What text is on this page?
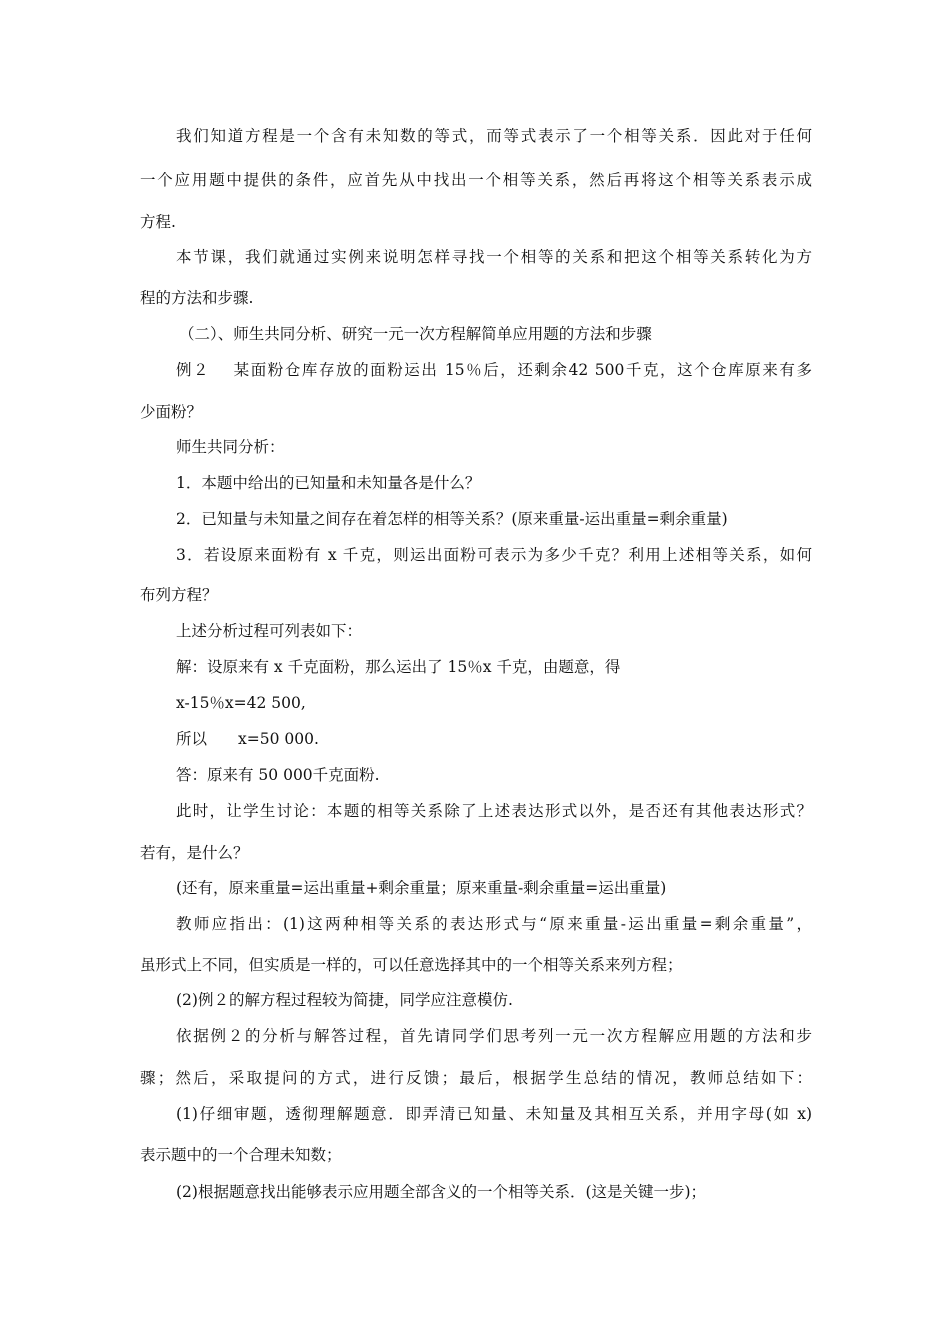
我们知道方程是一个含有未知数的等式，而等式表示了一个相等关系．因此对于任何
一个应用题中提供的条件，应首先从中找出一个相等关系，然后再将这个相等关系表示成
方程.
本节课，我们就通过实例来说明怎样寻找一个相等的关系和把这个相等关系转化为方
程的方法和步骤.
（二）、师生共同分析、研究一元一次方程解简单应用题的方法和步骤
例２　 某面粉仓库存放的面粉运出 15％后，还剩余42 500千克，这个仓库原来有多
少面粉？
师生共同分析：
1．本题中给出的已知量和未知量各是什么？
2．已知量与未知量之间存在着怎样的相等关系？(原来重量-运出重量=剩余重量)
3．若设原来面粉有 x 千克，则运出面粉可表示为多少千克？利用上述相等关系，如何
布列方程？
上述分析过程可列表如下：
解：设原来有 x 千克面粉，那么运出了 15％x 千克，由题意，得
x-15％x=42 500,
所以　　x=50 000.
答：原来有 50 000千克面粉.
此时，让学生讨论：本题的相等关系除了上述表达形式以外，是否还有其他表达形式？
若有，是什么？
(还有，原来重量=运出重量+剩余重量；原来重量-剩余重量=运出重量)
教师应指出：(1)这两种相等关系的表达形式与“原来重量-运出重量=剩余重量”，
虽形式上不同，但实质是一样的，可以任意选择其中的一个相等关系来列方程；
(2)例２的解方程过程较为简捷，同学应注意模仿.
依据例２的分析与解答过程，首先请同学们思考列一元一次方程解应用题的方法和步
骤；然后，采取提问的方式，进行反馈；最后，根据学生总结的情况，教师总结如下：
(1)仔细审题，透彻理解题意．即弄清已知量、未知量及其相互关系，并用字母(如 x)
表示题中的一个合理未知数；
(2)根据题意找出能够表示应用题全部含义的一个相等关系．(这是关键一步)；
